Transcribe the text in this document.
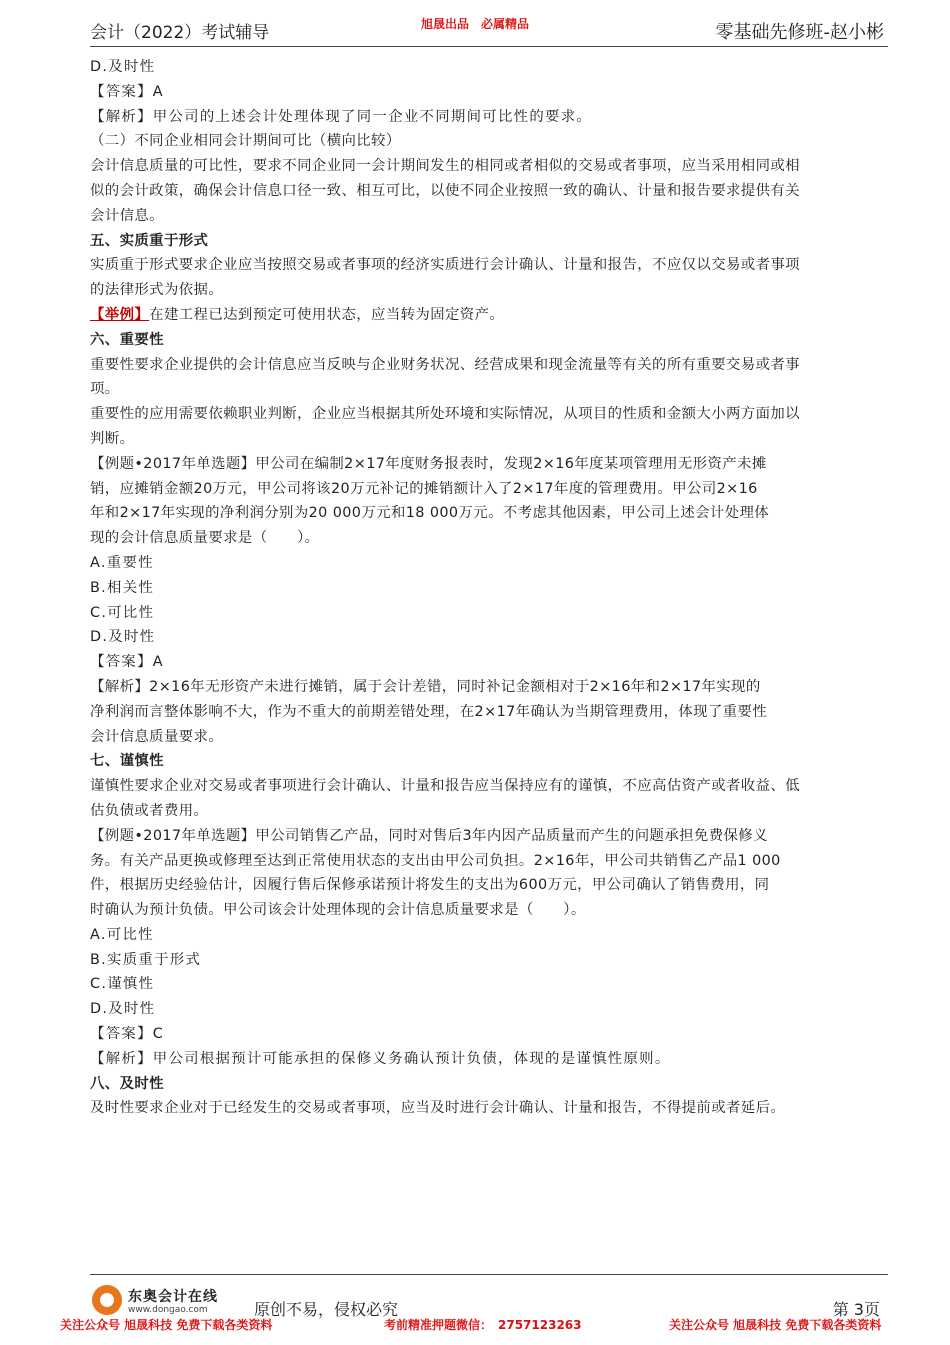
会计（2022）考试辅导	旭晟出品　必属精品	零基础先修班-赵小彬
D.及时性
【答案】A
【解析】甲公司的上述会计处理体现了同一企业不同期间可比性的要求。
（二）不同企业相同会计期间可比（横向比较）
会计信息质量的可比性，要求不同企业同一会计期间发生的相同或者相似的交易或者事项，应当采用相同或相
似的会计政策，确保会计信息口径一致、相互可比，以使不同企业按照一致的确认、计量和报告要求提供有关
会计信息。
五、实质重于形式
实质重于形式要求企业应当按照交易或者事项的经济实质进行会计确认、计量和报告，不应仅以交易或者事项
的法律形式为依据。
【举例】在建工程已达到预定可使用状态，应当转为固定资产。
六、重要性
重要性要求企业提供的会计信息应当反映与企业财务状况、经营成果和现金流量等有关的所有重要交易或者事
项。
重要性的应用需要依赖职业判断，企业应当根据其所处环境和实际情况，从项目的性质和金额大小两方面加以
判断。
【例题•2017年单选题】甲公司在编制2×17年度财务报表时，发现2×16年度某项管理用无形资产未摊
销，应摊销金额20万元，甲公司将该20万元补记的摊销额计入了2×17年度的管理费用。甲公司2×16
年和2×17年实现的净利润分别为20 000万元和18 000万元。不考虑其他因素，甲公司上述会计处理体
现的会计信息质量要求是（　　）。
A.重要性
B.相关性
C.可比性
D.及时性
【答案】A
【解析】2×16年无形资产未进行摊销，属于会计差错，同时补记金额相对于2×16年和2×17年实现的
净利润而言整体影响不大，作为不重大的前期差错处理，在2×17年确认为当期管理费用，体现了重要性
会计信息质量要求。
七、谨慎性
谨慎性要求企业对交易或者事项进行会计确认、计量和报告应当保持应有的谨慎，不应高估资产或者收益、低
估负债或者费用。
【例题•2017年单选题】甲公司销售乙产品，同时对售后3年内因产品质量而产生的问题承担免费保修义
务。有关产品更换或修理至达到正常使用状态的支出由甲公司负担。2×16年，甲公司共销售乙产品1 000
件，根据历史经验估计，因履行售后保修承诺预计将发生的支出为600万元，甲公司确认了销售费用，同
时确认为预计负债。甲公司该会计处理体现的会计信息质量要求是（　　）。
A.可比性
B.实质重于形式
C.谨慎性
D.及时性
【答案】C
【解析】甲公司根据预计可能承担的保修义务确认预计负债，体现的是谨慎性原则。
八、及时性
及时性要求企业对于已经发生的交易或者事项，应当及时进行会计确认、计量和报告，不得提前或者延后。
东奥会计在线
www.dongao.com	原创不易，侵权必究	第 3页
关注公众号 旭晟科技 免费下载各类资料	考前精准押题微信：　2757123263	关注公众号 旭晟科技 免费下载各类资料
